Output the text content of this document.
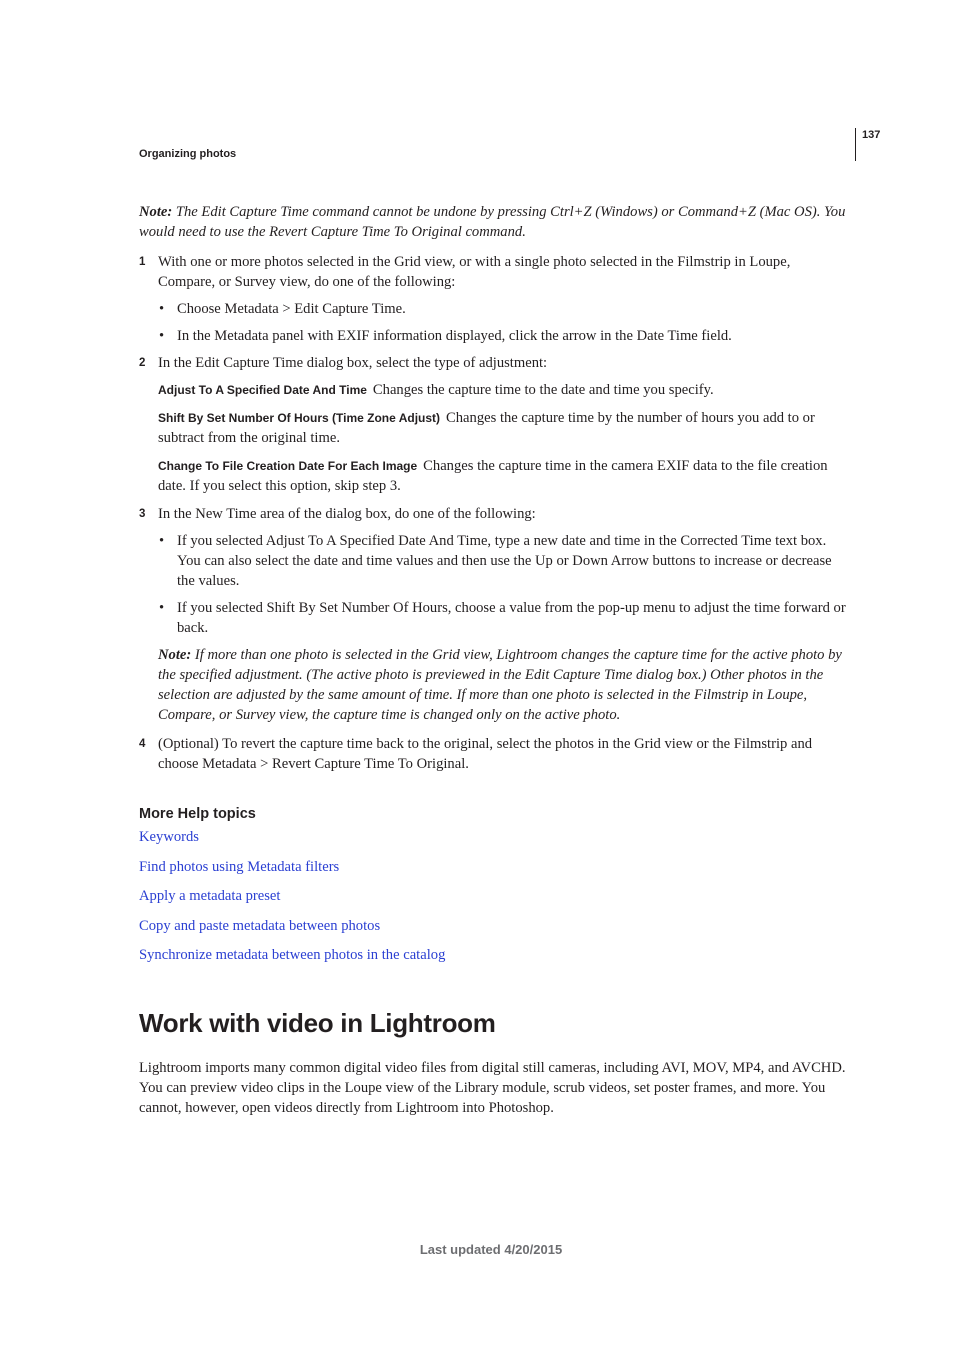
137
Organizing photos

Note: The Edit Capture Time command cannot be undone by pressing Ctrl+Z (Windows) or Command+Z (Mac OS). You would need to use the Revert Capture Time To Original command.

1 With one or more photos selected in the Grid view, or with a single photo selected in the Filmstrip in Loupe, Compare, or Survey view, do one of the following:
• Choose Metadata > Edit Capture Time.
• In the Metadata panel with EXIF information displayed, click the arrow in the Date Time field.
2 In the Edit Capture Time dialog box, select the type of adjustment:

Adjust To A Specified Date And Time Changes the capture time to the date and time you specify.

Shift By Set Number Of Hours (Time Zone Adjust) Changes the capture time by the number of hours you add to or subtract from the original time.

Change To File Creation Date For Each Image Changes the capture time in the camera EXIF data to the file creation date. If you select this option, skip step 3.

3 In the New Time area of the dialog box, do one of the following:
• If you selected Adjust To A Specified Date And Time, type a new date and time in the Corrected Time text box. You can also select the date and time values and then use the Up or Down Arrow buttons to increase or decrease the values.
• If you selected Shift By Set Number Of Hours, choose a value from the pop-up menu to adjust the time forward or back.

Note: If more than one photo is selected in the Grid view, Lightroom changes the capture time for the active photo by the specified adjustment. (The active photo is previewed in the Edit Capture Time dialog box.) Other photos in the selection are adjusted by the same amount of time. If more than one photo is selected in the Filmstrip in Loupe, Compare, or Survey view, the capture time is changed only on the active photo.

4 (Optional) To revert the capture time back to the original, select the photos in the Grid view or the Filmstrip and choose Metadata > Revert Capture Time To Original.
More Help topics
Keywords
Find photos using Metadata filters
Apply a metadata preset
Copy and paste metadata between photos
Synchronize metadata between photos in the catalog
Work with video in Lightroom

Lightroom imports many common digital video files from digital still cameras, including AVI, MOV, MP4, and AVCHD. You can preview video clips in the Loupe view of the Library module, scrub videos, set poster frames, and more. You cannot, however, open videos directly from Lightroom into Photoshop.

Last updated 4/20/2015
